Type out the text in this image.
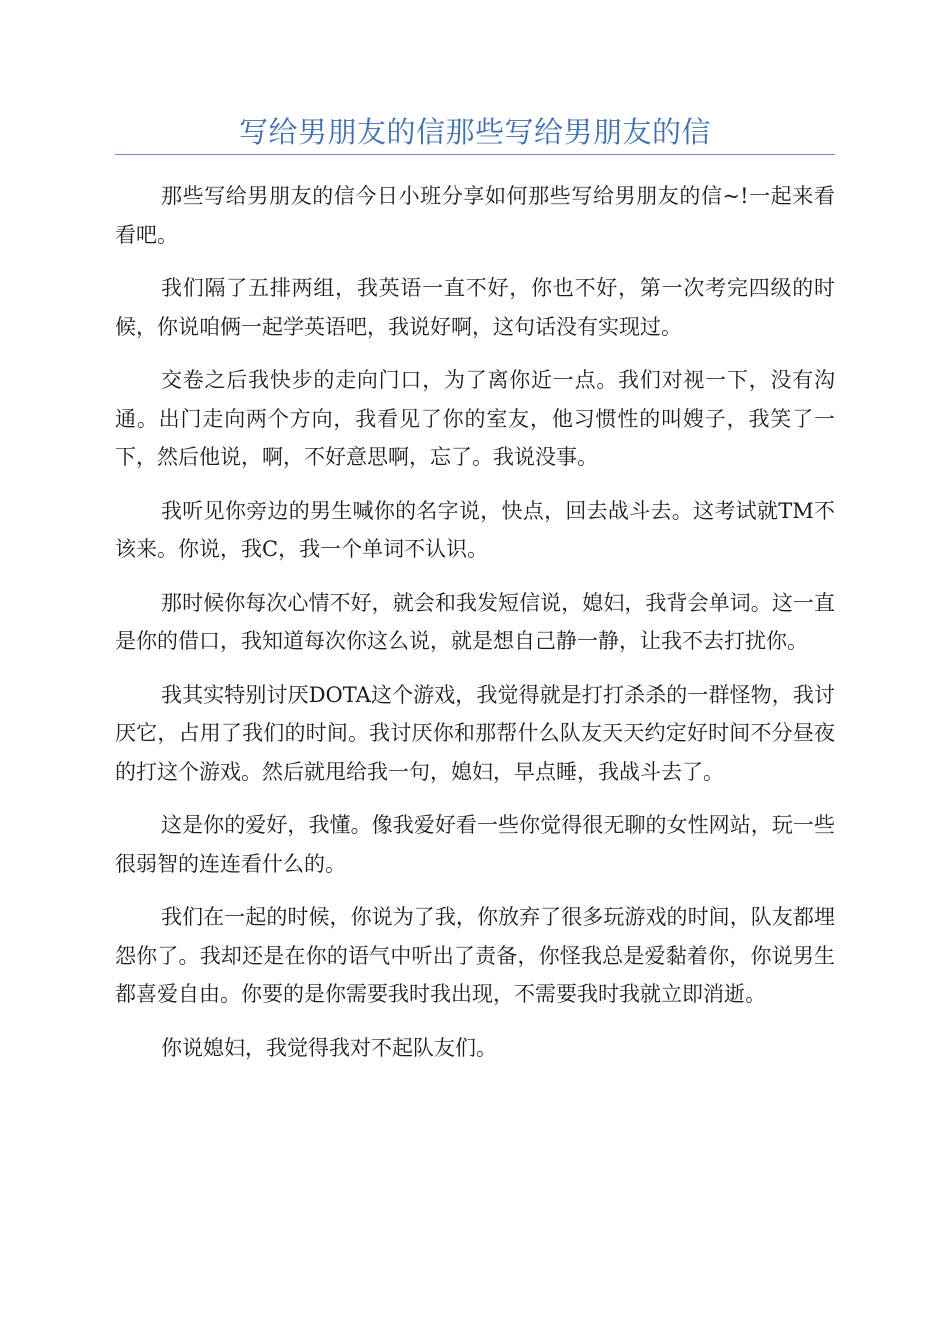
写给男朋友的信那些写给男朋友的信

那些写给男朋友的信今日小班分享如何那些写给男朋友的信~!一起来看看吧。

我们隔了五排两组，我英语一直不好，你也不好，第一次考完四级的时候，你说咱俩一起学英语吧，我说好啊，这句话没有实现过。

交卷之后我快步的走向门口，为了离你近一点。我们对视一下，没有沟通。出门走向两个方向，我看见了你的室友，他习惯性的叫嫂子，我笑了一下，然后他说，啊，不好意思啊，忘了。我说没事。

我听见你旁边的男生喊你的名字说，快点，回去战斗去。这考试就TM不该来。你说，我C，我一个单词不认识。

那时候你每次心情不好，就会和我发短信说，媳妇，我背会单词。这一直是你的借口，我知道每次你这么说，就是想自己静一静，让我不去打扰你。

我其实特别讨厌DOTA这个游戏，我觉得就是打打杀杀的一群怪物，我讨厌它，占用了我们的时间。我讨厌你和那帮什么队友天天约定好时间不分昼夜的打这个游戏。然后就甩给我一句，媳妇，早点睡，我战斗去了。

这是你的爱好，我懂。像我爱好看一些你觉得很无聊的女性网站，玩一些很弱智的连连看什么的。

我们在一起的时候，你说为了我，你放弃了很多玩游戏的时间，队友都埋怨你了。我却还是在你的语气中听出了责备，你怪我总是爱黏着你，你说男生都喜爱自由。你要的是你需要我时我出现，不需要我时我就立即消逝。

你说媳妇，我觉得我对不起队友们。
